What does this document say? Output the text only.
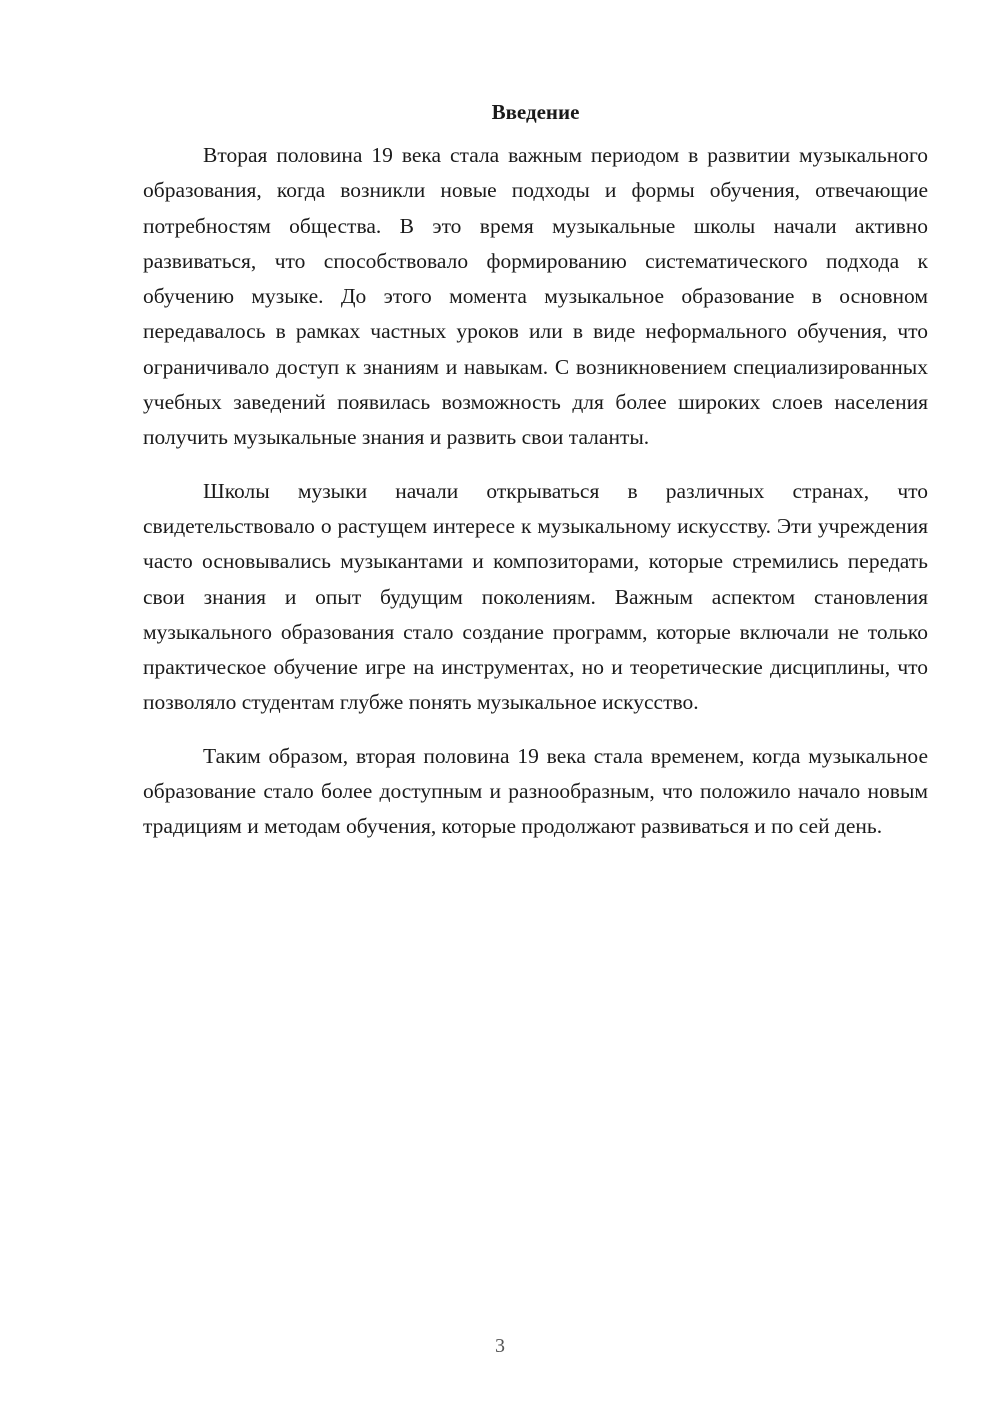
Введение

Вторая половина 19 века стала важным периодом в развитии музыкального образования, когда возникли новые подходы и формы обучения, отвечающие потребностям общества. В это время музыкальные школы начали активно развиваться, что способствовало формированию систематического подхода к обучению музыке. До этого момента музыкальное образование в основном передавалось в рамках частных уроков или в виде неформального обучения, что ограничивало доступ к знаниям и навыкам. С возникновением специализированных учебных заведений появилась возможность для более широких слоев населения получить музыкальные знания и развить свои таланты.

Школы музыки начали открываться в различных странах, что свидетельствовало о растущем интересе к музыкальному искусству. Эти учреждения часто основывались музыкантами и композиторами, которые стремились передать свои знания и опыт будущим поколениям. Важным аспектом становления музыкального образования стало создание программ, которые включали не только практическое обучение игре на инструментах, но и теоретические дисциплины, что позволяло студентам глубже понять музыкальное искусство.

Таким образом, вторая половина 19 века стала временем, когда музыкальное образование стало более доступным и разнообразным, что положило начало новым традициям и методам обучения, которые продолжают развиваться и по сей день.

3
